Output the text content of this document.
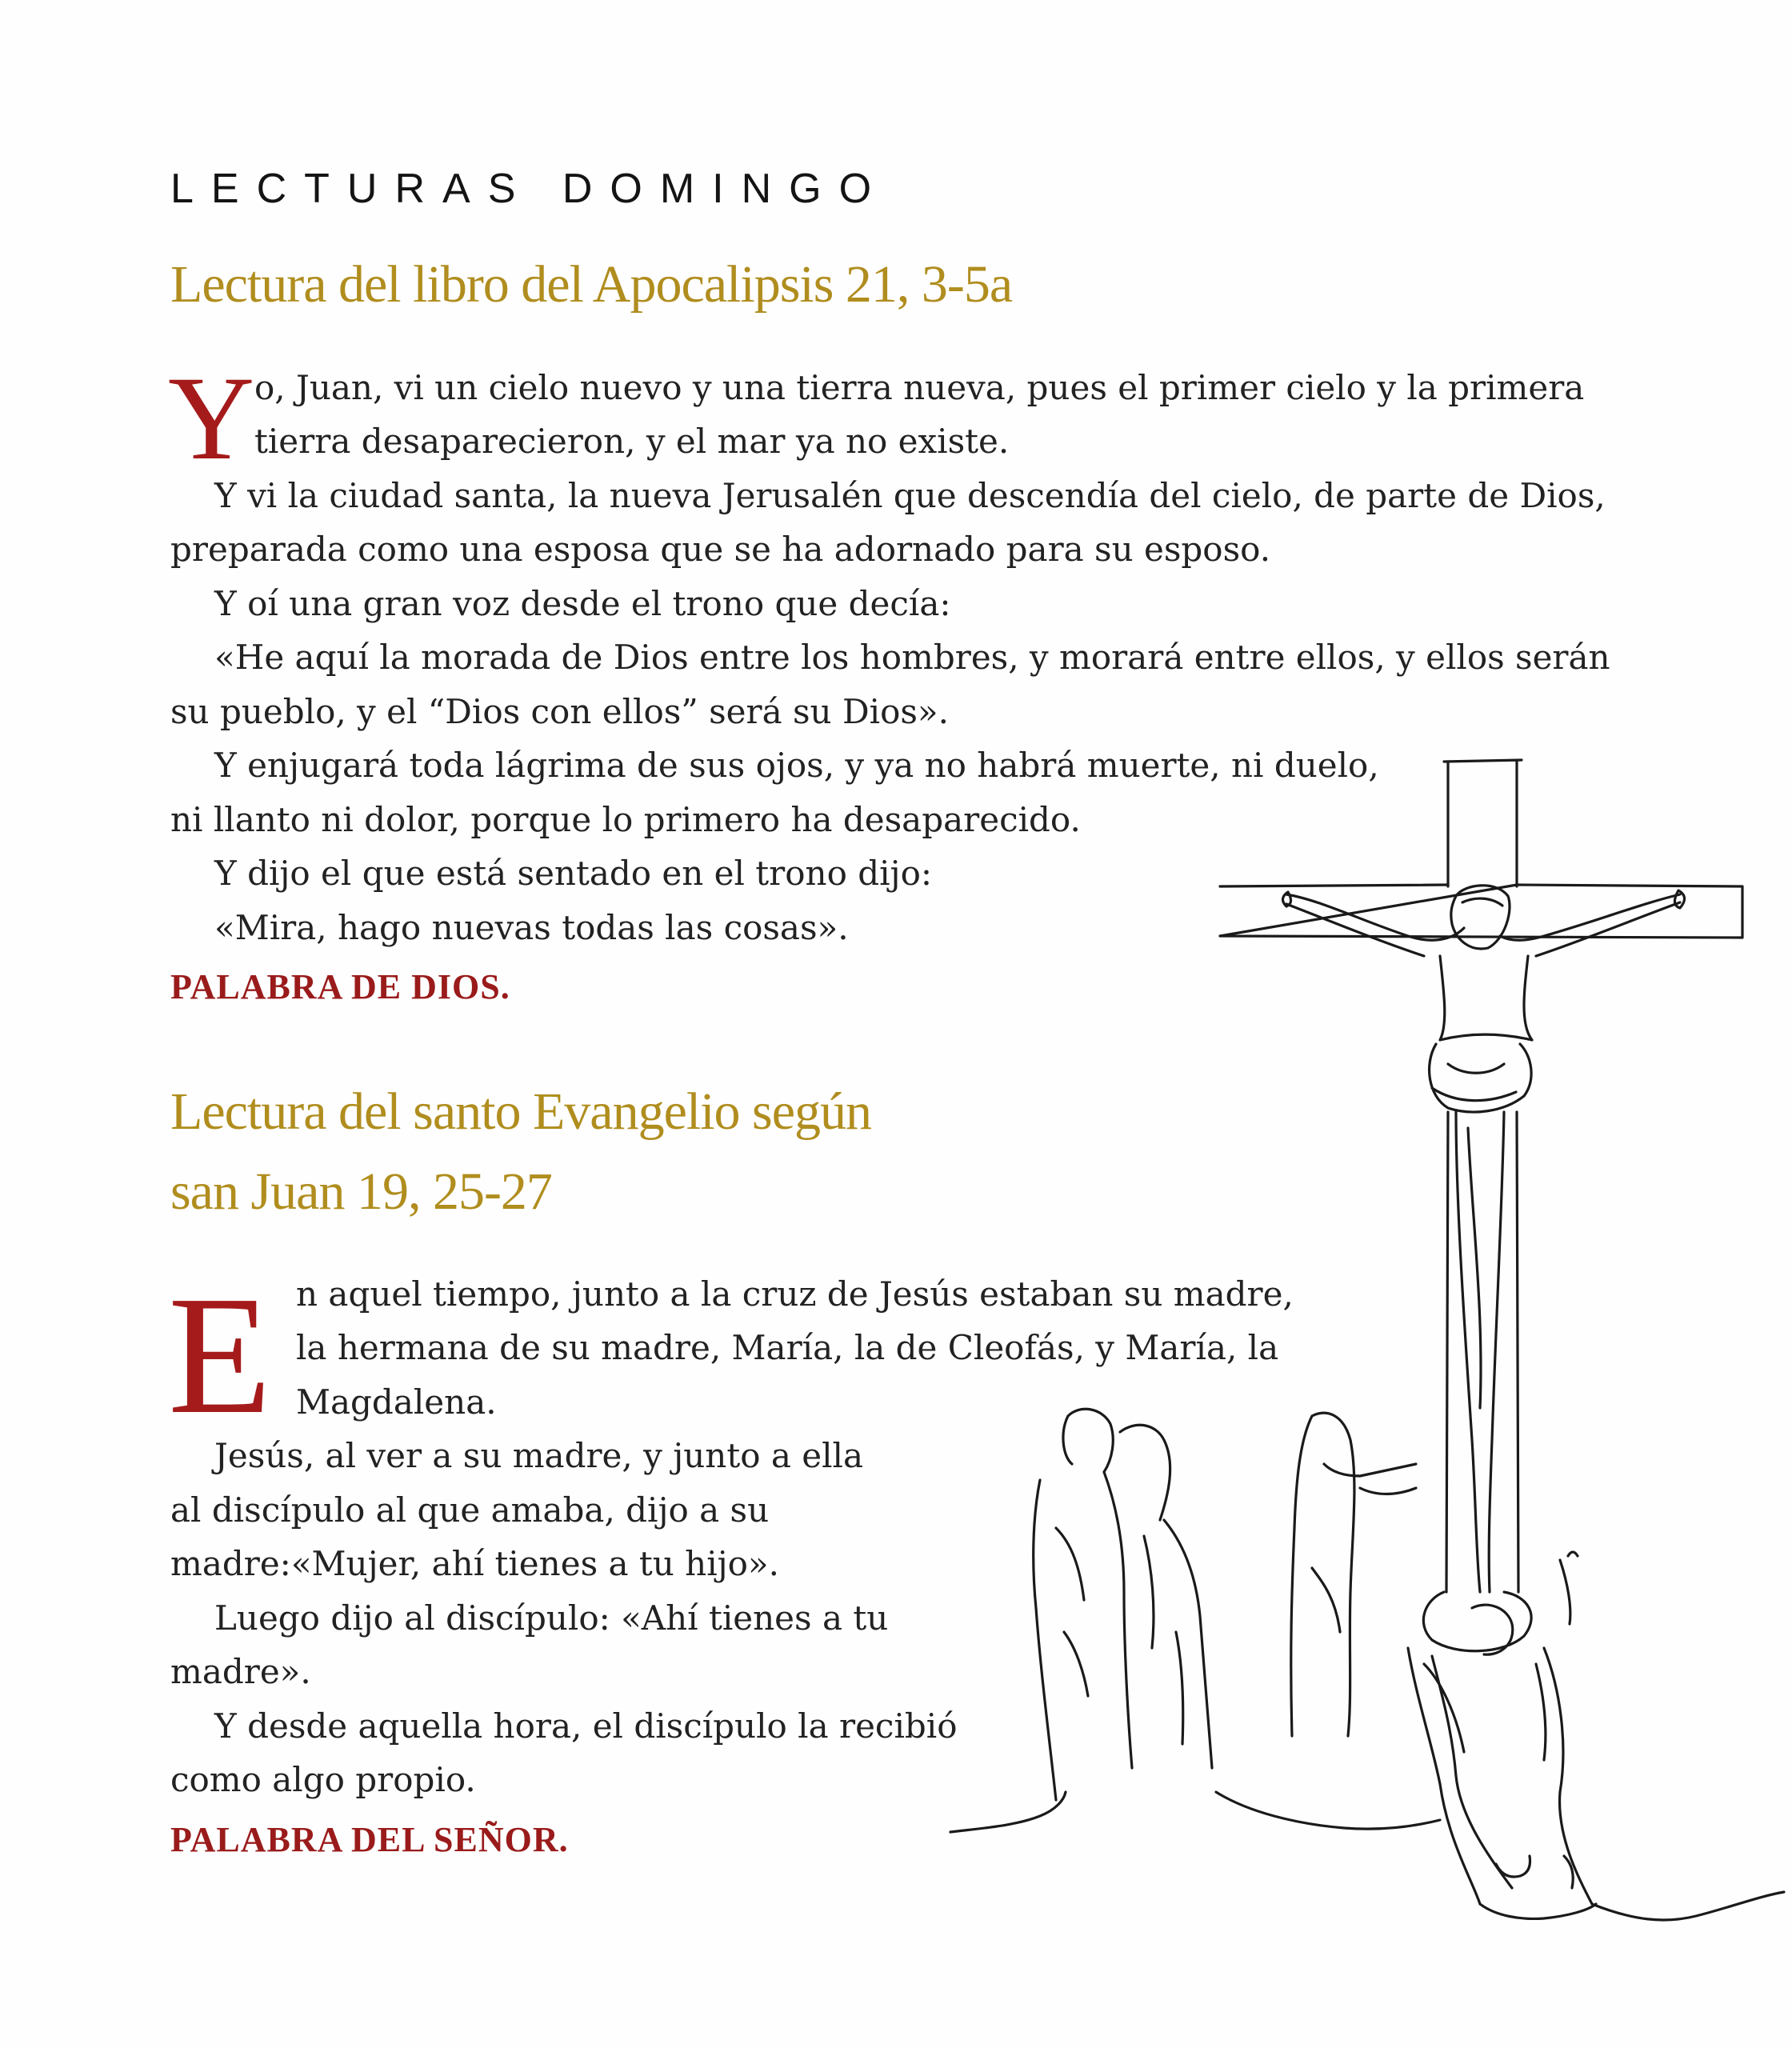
LECTURAS DOMINGO
Lectura del libro del Apocalipsis 21, 3-5a
Y o, Juan, vi un cielo nuevo y una tierra nueva, pues el primer cielo y la primera

tierra desaparecieron, y el mar ya no existe.

Y vi la ciudad santa, la nueva Jerusalén que descendía del cielo, de parte de Dios,

preparada como una esposa que se ha adornado para su esposo.

Y oí una gran voz desde el trono que decía:

«He aquí la morada de Dios entre los hombres, y morará entre ellos, y ellos serán

su pueblo, y el “Dios con ellos” será su Dios».

Y enjugará toda lágrima de sus ojos, y ya no habrá muerte, ni duelo,

ni llanto ni dolor, porque lo primero ha desaparecido.

Y dijo el que está sentado en el trono dijo:

«Mira, hago nuevas todas las cosas».

PALABRA DE DIOS.
Lectura del santo Evangelio según
san Juan 19, 25-27
E n aquel tiempo, junto a la cruz de Jesús estaban su madre,

la hermana de su madre, María, la de Cleofás, y María, la

Magdalena.

Jesús, al ver a su madre, y junto a ella

al discípulo al que amaba, dijo a su

madre:«Mujer, ahí tienes a tu hijo».

Luego dijo al discípulo: «Ahí tienes a tu

madre».

Y desde aquella hora, el discípulo la recibió

como algo propio.

PALABRA DEL SEÑOR.
